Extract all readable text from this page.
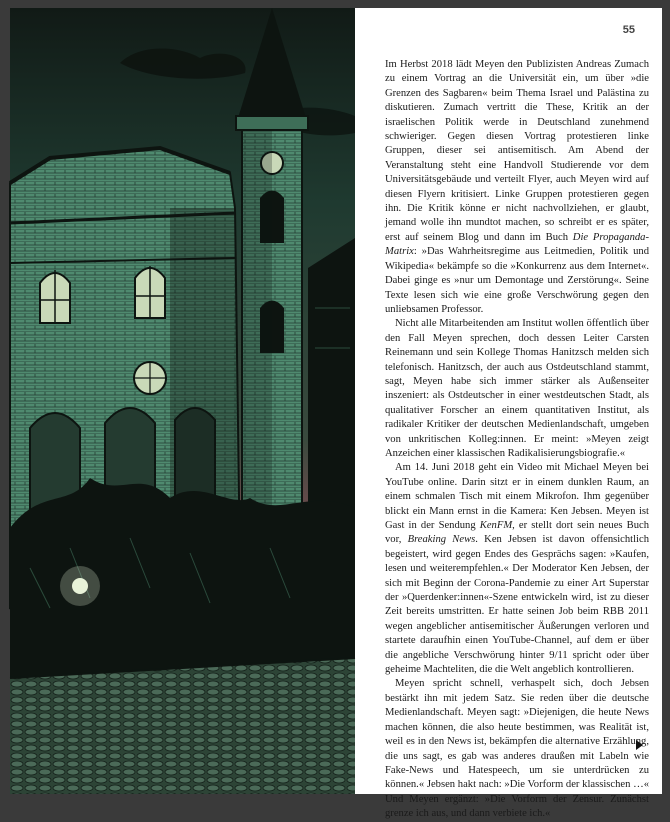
55

Im Herbst 2018 lädt Meyen den Publizisten Andreas Zumach zu einem Vortrag an die Universität ein, um über »die Grenzen des Sagbaren« beim Thema Israel und Palästina zu diskutieren. Zumach vertritt die These, Kritik an der israelischen Politik werde in Deutschland zunehmend schwieriger. Gegen diesen Vortrag protestieren linke Gruppen, dieser sei antisemitisch. Am Abend der Veranstaltung steht eine Handvoll Studierende vor dem Universitätsgebäude und verteilt Flyer, auch Meyen wird auf diesen Flyern kritisiert. Linke Gruppen protestieren gegen ihn. Die Kritik könne er nicht nachvollziehen, er glaubt, jemand wolle ihn mundtot machen, so schreibt er es später, erst auf seinem Blog und dann im Buch Die Propaganda-Matrix: »Das Wahrheitsregime aus Leitmedien, Politik und Wikipedia« bekämpfe so die »Konkurrenz aus dem Internet«. Dabei ginge es »nur um Demontage und Zerstörung«. Seine Texte lesen sich wie eine große Verschwörung gegen den unliebsamen Professor.

Nicht alle Mitarbeitenden am Institut wollen öffentlich über den Fall Meyen sprechen, doch dessen Leiter Carsten Reinemann und sein Kollege Thomas Hanitzsch melden sich telefonisch. Hanitzsch, der auch aus Ostdeutschland stammt, sagt, Meyen habe sich immer stärker als Außenseiter inszeniert: als Ostdeutscher in einer westdeutschen Stadt, als qualitativer Forscher an einem quantitativen Institut, als radikaler Kritiker der deutschen Medienlandschaft, umgeben von unkritischen Kolleg:innen. Er meint: »Meyen zeigt Anzeichen einer klassischen Radikalisierungsbiografie.«

Am 14. Juni 2018 geht ein Video mit Michael Meyen bei YouTube online. Darin sitzt er in einem dunklen Raum, an einem schmalen Tisch mit einem Mikrofon. Ihm gegenüber blickt ein Mann ernst in die Kamera: Ken Jebsen. Meyen ist Gast in der Sendung KenFM, er stellt dort sein neues Buch vor, Breaking News. Ken Jebsen ist davon offensichtlich begeistert, wird gegen Endes des Gesprächs sagen: »Kaufen, lesen und weiterempfehlen.« Der Moderator Ken Jebsen, der sich mit Beginn der Corona-Pandemie zu einer Art Superstar der »Querdenker:innen«-Szene entwickeln wird, ist zu dieser Zeit bereits umstritten. Er hatte seinen Job beim RBB 2011 wegen angeblicher antisemitischer Äußerungen verloren und startete daraufhin einen YouTube-Channel, auf dem er über die angebliche Verschwörung hinter 9/11 spricht oder über geheime Machteliten, die die Welt angeblich kontrollieren.

Meyen spricht schnell, verhaspelt sich, doch Jebsen bestärkt ihn mit jedem Satz. Sie reden über die deutsche Medienlandschaft. Meyen sagt: »Diejenigen, die heute News machen können, die also heute bestimmen, was Realität ist, weil es in den News ist, bekämpfen die alternative Erzählung, die uns sagt, es gab was anderes draußen mit Labeln wie Fake-News und Hatespeech, um sie unterdrücken zu können.« Jebsen hakt nach: »Die Vorform der klassischen …« Und Meyen ergänzt: »Die Vorform der Zensur. Zunächst grenze ich aus, und dann verbiete ich.«
